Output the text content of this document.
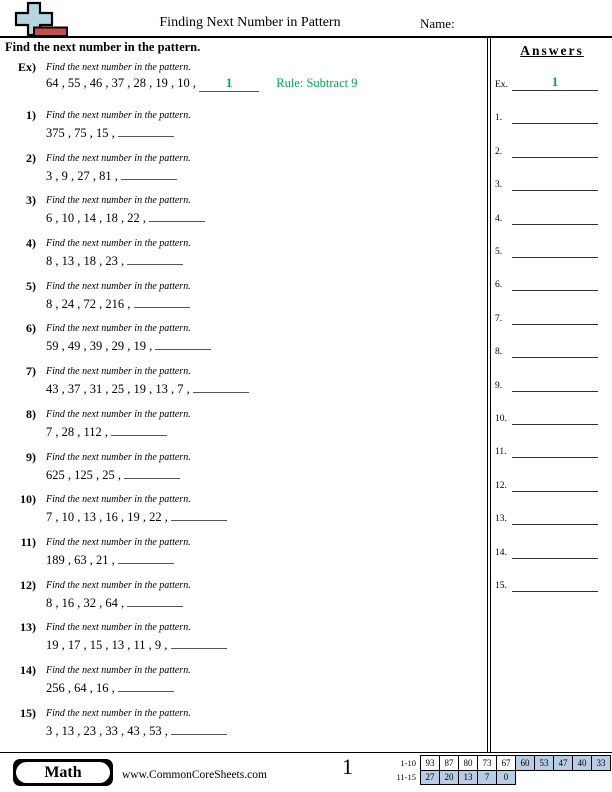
Finding Next Number in Pattern	Name:
Find the next number in the pattern.
Ex)	Find the next number in the pattern.
64 , 55 , 46 , 37 , 28 , 19 , 10 , 1	Rule: Subtract 9
1)	Find the next number in the pattern.
375 , 75 , 15 ,
2)	Find the next number in the pattern.
3 , 9 , 27 , 81 ,
3)	Find the next number in the pattern.
6 , 10 , 14 , 18 , 22 ,
4)	Find the next number in the pattern.
8 , 13 , 18 , 23 ,
5)	Find the next number in the pattern.
8 , 24 , 72 , 216 ,
6)	Find the next number in the pattern.
59 , 49 , 39 , 29 , 19 ,
7)	Find the next number in the pattern.
43 , 37 , 31 , 25 , 19 , 13 , 7 ,
8)	Find the next number in the pattern.
7 , 28 , 112 ,
9)	Find the next number in the pattern.
625 , 125 , 25 ,
10)	Find the next number in the pattern.
7 , 10 , 13 , 16 , 19 , 22 ,
11)	Find the next number in the pattern.
189 , 63 , 21 ,
12)	Find the next number in the pattern.
8 , 16 , 32 , 64 ,
13)	Find the next number in the pattern.
19 , 17 , 15 , 13 , 11 , 9 ,
14)	Find the next number in the pattern.
256 , 64 , 16 ,
15)	Find the next number in the pattern.
3 , 13 , 23 , 33 , 43 , 53 ,
Answers
Ex.	1
1.
2.
3.
4.
5.
6.
7.
8.
9.
10.
11.
12.
13.
14.
15.
Math	www.CommonCoreSheets.com	1	1-10	93	87	80	73	67	60	53	47	40	33
11-15	27	20	13	7	0					
